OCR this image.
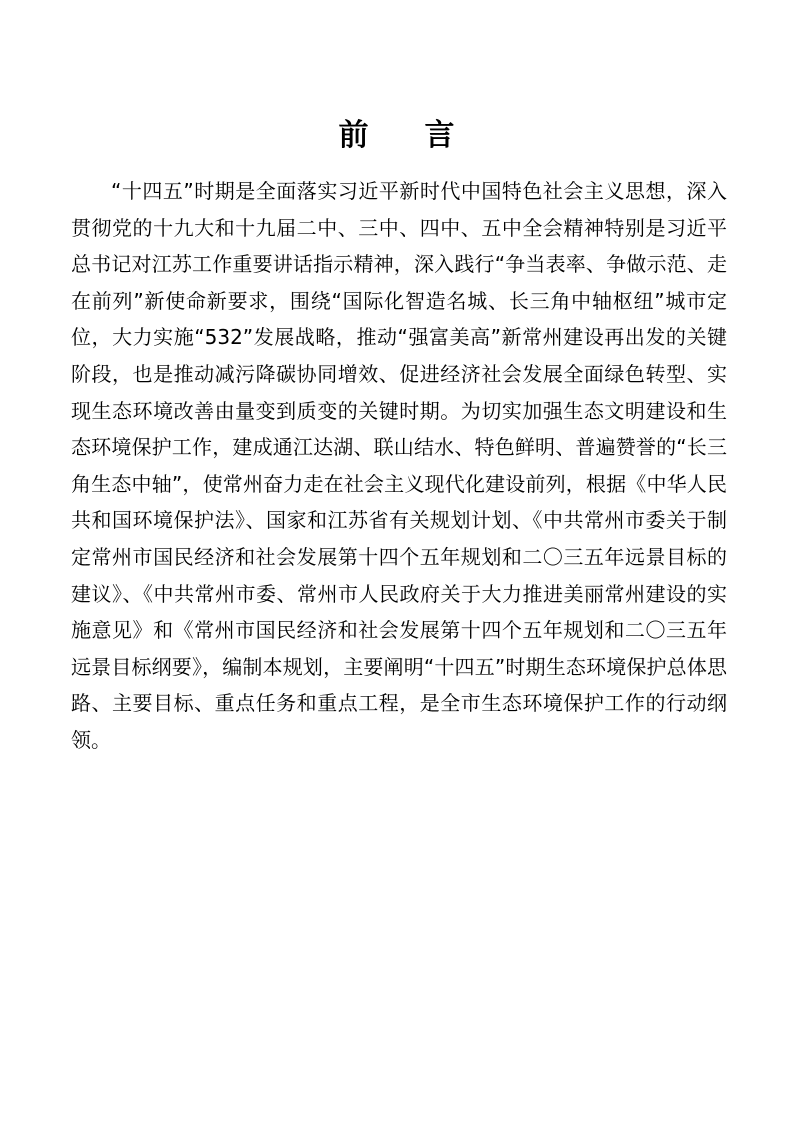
前言

“十四五”时期是全面落实习近平新时代中国特色社会主义思想，深入贯彻党的十九大和十九届二中、三中、四中、五中全会精神特别是习近平总书记对江苏工作重要讲话指示精神，深入践行“争当表率、争做示范、走在前列”新使命新要求，围绕“国际化智造名城、长三角中轴枢纽”城市定位，大力实施“532”发展战略，推动“强富美高”新常州建设再出发的关键阶段，也是推动减污降碳协同增效、促进经济社会发展全面绿色转型、实现生态环境改善由量变到质变的关键时期。为切实加强生态文明建设和生态环境保护工作，建成通江达湖、联山结水、特色鲜明、普遍赞誉的“长三角生态中轴”，使常州奋力走在社会主义现代化建设前列，根据《中华人民共和国环境保护法》、国家和江苏省有关规划计划、《中共常州市委关于制定常州市国民经济和社会发展第十四个五年规划和二〇三五年远景目标的建议》、《中共常州市委、常州市人民政府关于大力推进美丽常州建设的实施意见》和《常州市国民经济和社会发展第十四个五年规划和二〇三五年远景目标纲要》，编制本规划，主要阐明“十四五”时期生态环境保护总体思路、主要目标、重点任务和重点工程，是全市生态环境保护工作的行动纲领。
